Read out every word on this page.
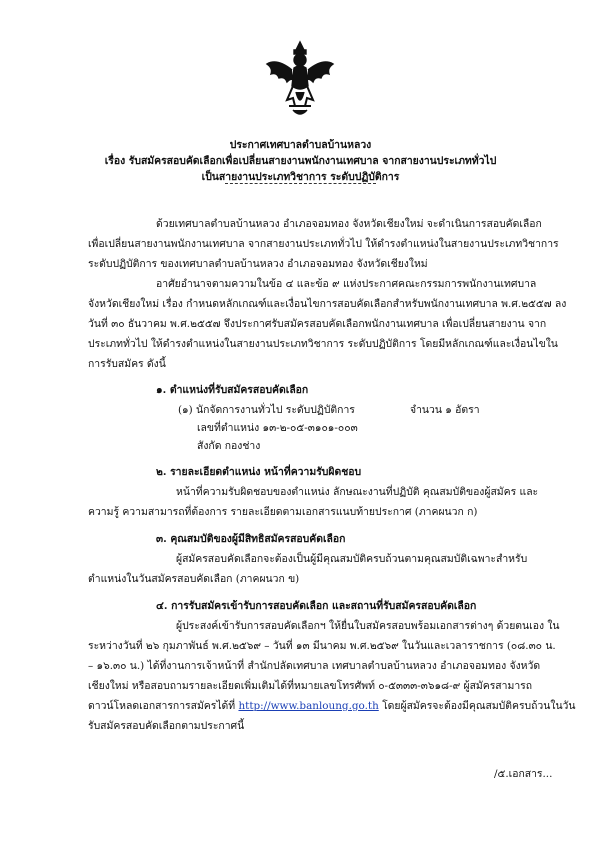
ประกาศเทศบาลตำบลบ้านหลวง
เรื่อง รับสมัครสอบคัดเลือกเพื่อเปลี่ยนสายงานพนักงานเทศบาล จากสายงานประเภททั่วไป
เป็นสายงานประเภทวิชาการ ระดับปฏิบัติการ
ด้วยเทศบาลตำบลบ้านหลวง อำเภอจอมทอง จังหวัดเชียงใหม่ จะดำเนินการสอบคัดเลือก
เพื่อเปลี่ยนสายงานพนักงานเทศบาล จากสายงานประเภททั่วไป ให้ดำรงตำแหน่งในสายงานประเภทวิชาการ
ระดับปฏิบัติการ ของเทศบาลตำบลบ้านหลวง อำเภอจอมทอง จังหวัดเชียงใหม่
อาศัยอำนาจตามความในข้อ ๔ และข้อ ๙ แห่งประกาศคณะกรรมการพนักงานเทศบาล
จังหวัดเชียงใหม่ เรื่อง กำหนดหลักเกณฑ์และเงื่อนไขการสอบคัดเลือกสำหรับพนักงานเทศบาล พ.ศ.๒๕๕๗ ลง
วันที่ ๓๐ ธันวาคม พ.ศ.๒๕๕๗ จึงประกาศรับสมัครสอบคัดเลือกพนักงานเทศบาล เพื่อเปลี่ยนสายงาน จาก
ประเภททั่วไป ให้ดำรงตำแหน่งในสายงานประเภทวิชาการ ระดับปฏิบัติการ โดยมีหลักเกณฑ์และเงื่อนไขใน
การรับสมัคร ดังนี้
๑. ตำแหน่งที่รับสมัครสอบคัดเลือก
(๑) นักจัดการงานทั่วไป ระดับปฏิบัติการ	จำนวน ๑ อัตรา
เลขที่ตำแหน่ง ๑๓-๒-๐๕-๓๑๐๑-๐๐๓
สังกัด กองช่าง
๒. รายละเอียดตำแหน่ง หน้าที่ความรับผิดชอบ
หน้าที่ความรับผิดชอบของตำแหน่ง ลักษณะงานที่ปฏิบัติ คุณสมบัติของผู้สมัคร และ
ความรู้ ความสามารถที่ต้องการ รายละเอียดตามเอกสารแนบท้ายประกาศ (ภาคผนวก ก)
๓. คุณสมบัติของผู้มีสิทธิสมัครสอบคัดเลือก
ผู้สมัครสอบคัดเลือกจะต้องเป็นผู้มีคุณสมบัติครบถ้วนตามคุณสมบัติเฉพาะสำหรับ
ตำแหน่งในวันสมัครสอบคัดเลือก (ภาคผนวก ข)
๔. การรับสมัครเข้ารับการสอบคัดเลือก และสถานที่รับสมัครสอบคัดเลือก
ผู้ประสงค์เข้ารับการสอบคัดเลือกฯ ให้ยื่นใบสมัครสอบพร้อมเอกสารต่างๆ ด้วยตนเอง ใน
ระหว่างวันที่ ๒๖ กุมภาพันธ์ พ.ศ.๒๕๖๙ – วันที่ ๑๓ มีนาคม พ.ศ.๒๕๖๙ ในวันและเวลาราชการ (๐๘.๓๐ น.
– ๑๖.๓๐ น.) ได้ที่งานการเจ้าหน้าที่ สำนักปลัดเทศบาล เทศบาลตำบลบ้านหลวง อำเภอจอมทอง จังหวัด
เชียงใหม่ หรือสอบถามรายละเอียดเพิ่มเติมได้ที่หมายเลขโทรศัพท์ ๐-๕๓๓๓-๓๖๑๘-๙ ผู้สมัครสามารถ
ดาวน์โหลดเอกสารการสมัครได้ที่ http://www.banloung.go.th โดยผู้สมัครจะต้องมีคุณสมบัติครบถ้วนในวัน
รับสมัครสอบคัดเลือกตามประกาศนี้
/๕.เอกสาร...
